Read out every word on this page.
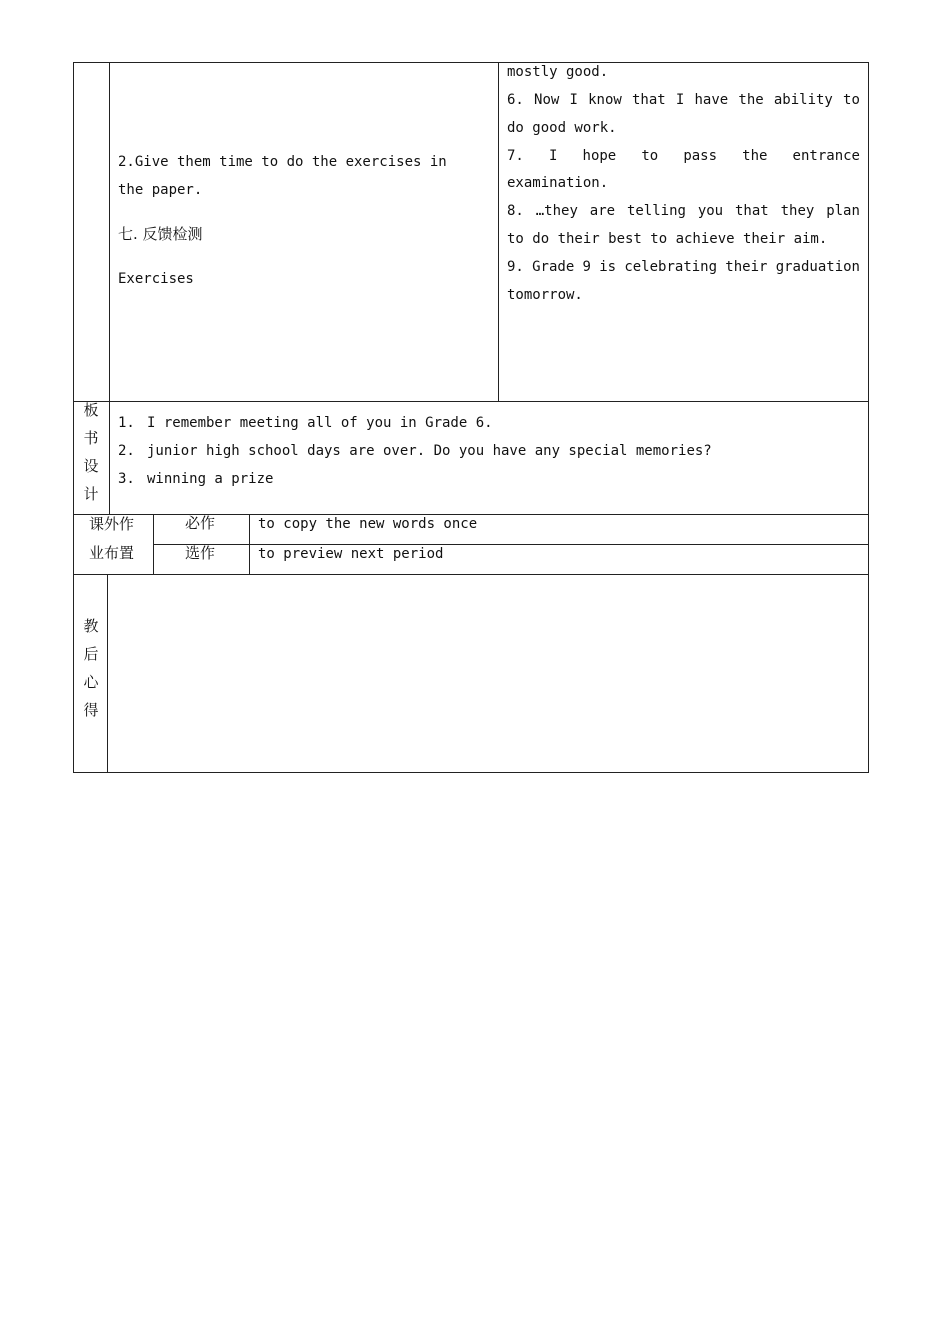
2.Give them time to do the exercises in
the paper.
七. 反馈检测
Exercises
mostly good.
6. Now I know that I have the ability to
do good work.
7. I hope to pass the entrance
examination.
8. …they are telling you that they plan
to do their best to achieve their aim.
9. Grade 9 is celebrating their graduation
tomorrow.
板
书
设
计
1. I remember meeting all of you in Grade 6.
2. junior high school days are over. Do you have any special memories?
3. winning a prize
课外作
业布置
必作	to copy the new words once
选作	to preview next period
教
后
心
得
